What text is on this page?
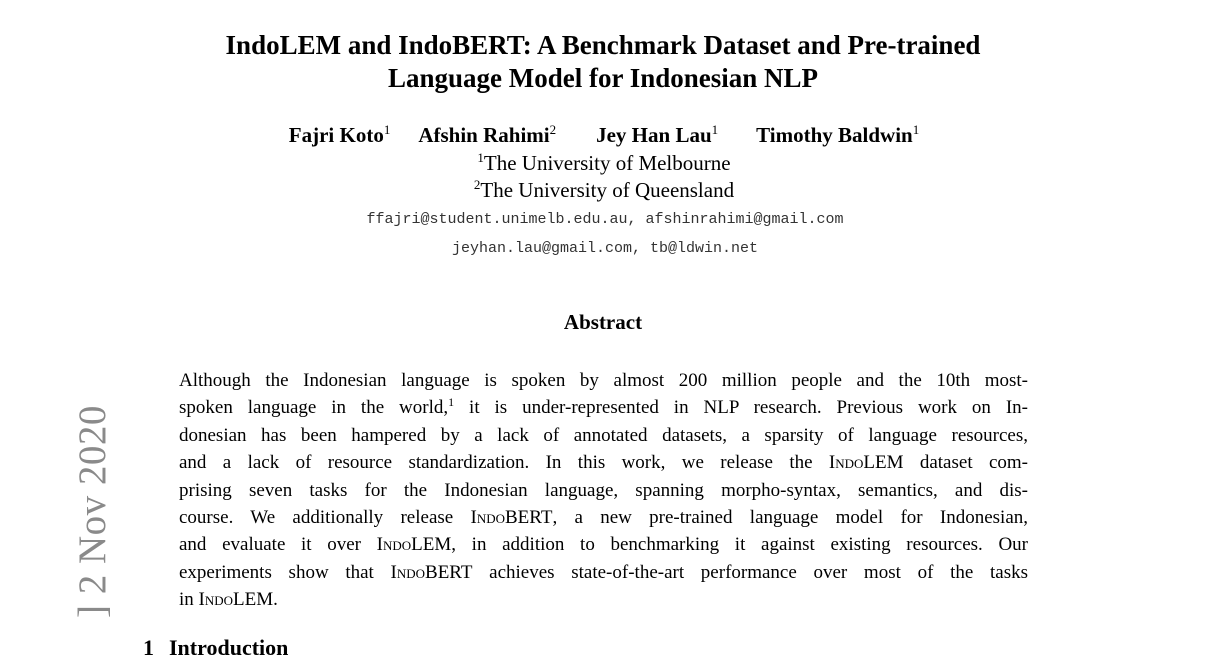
] 2 Nov 2020
IndoLEM and IndoBERT: A Benchmark Dataset and Pre-trained
Language Model for Indonesian NLP
Fajri Koto$^1$ Afshin Rahimi$^2$ Jey Han Lau$^1$ Timothy Baldwin$^1$
$^1$The University of Melbourne
$^2$The University of Queensland
ffajri@student.unimelb.edu.au, afshinrahimi@gmail.com
jeyhan.lau@gmail.com, tb@ldwin.net
Abstract
Although the Indonesian language is spoken by almost 200 million people and the 10th most-
spoken language in the world,$^1$ it is under-represented in NLP research. Previous work on In-
donesian has been hampered by a lack of annotated datasets, a sparsity of language resources,
and a lack of resource standardization. In this work, we release the IndoLEM dataset com-
prising seven tasks for the Indonesian language, spanning morpho-syntax, semantics, and dis-
course. We additionally release IndoBERT, a new pre-trained language model for Indonesian,
and evaluate it over IndoLEM, in addition to benchmarking it against existing resources. Our
experiments show that IndoBERT achieves state-of-the-art performance over most of the tasks
in IndoLEM.
1 Introduction
